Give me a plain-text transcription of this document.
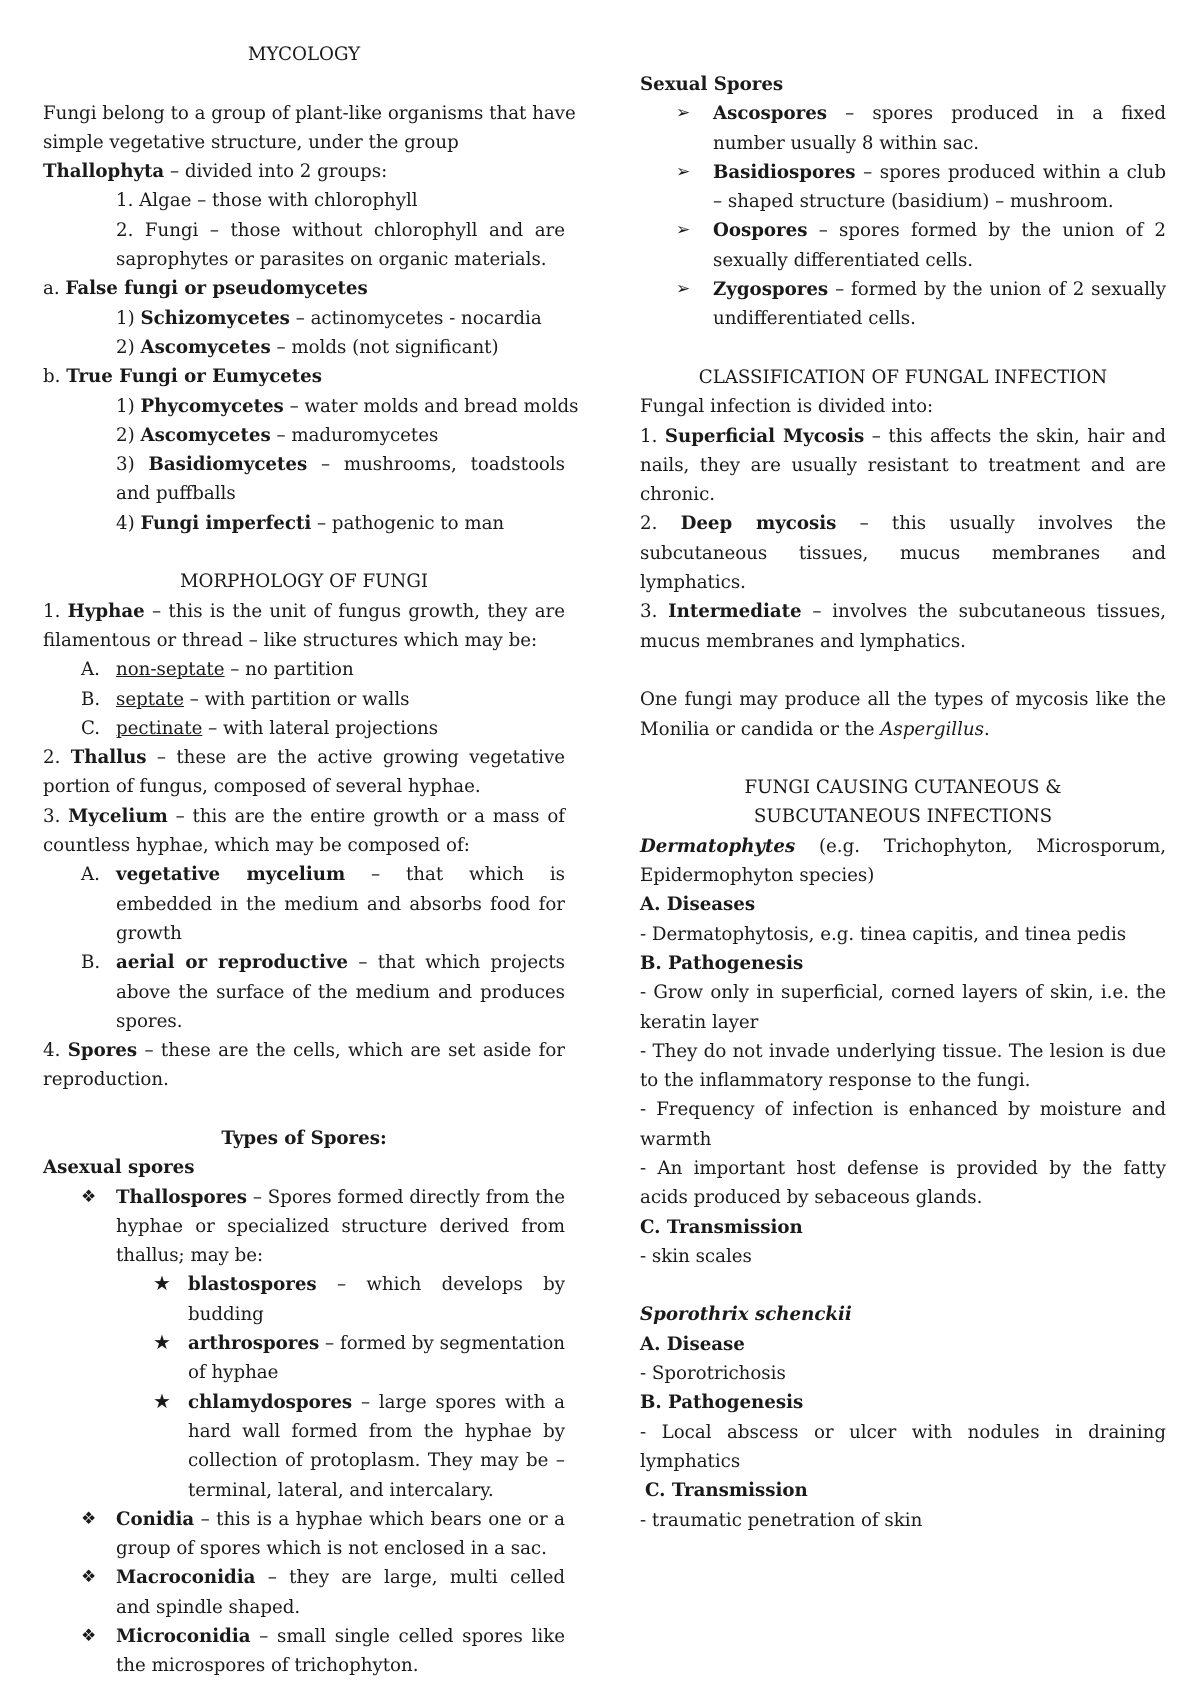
MYCOLOGY
Fungi belong to a group of plant-like organisms that have
simple vegetative structure, under the group
Thallophyta – divided into 2 groups:
1. Algae – those with chlorophyll
2. Fungi – those without chlorophyll and are saprophytes or parasites on organic materials.
a. False fungi or pseudomycetes
1) Schizomycetes – actinomycetes - nocardia
2) Ascomycetes – molds (not significant)
b. True Fungi or Eumycetes
1) Phycomycetes – water molds and bread molds
2) Ascomycetes – maduromycetes
3) Basidiomycetes – mushrooms, toadstools and puffballs
4) Fungi imperfecti – pathogenic to man
MORPHOLOGY OF FUNGI
1. Hyphae – this is the unit of fungus growth, they are filamentous or thread – like structures which may be:
A. non-septate – no partition
B. septate – with partition or walls
C. pectinate – with lateral projections
2. Thallus – these are the active growing vegetative portion of fungus, composed of several hyphae.
3. Mycelium – this are the entire growth or a mass of countless hyphae, which may be composed of:
A. vegetative mycelium – that which is embedded in the medium and absorbs food for growth
B. aerial or reproductive – that which projects above the surface of the medium and produces spores.
4. Spores – these are the cells, which are set aside for reproduction.
Types of Spores:
Asexual spores
❖ Thallospores – Spores formed directly from the hyphae or specialized structure derived from thallus; may be:
★ blastospores – which develops by budding
★ arthrospores – formed by segmentation of hyphae
★ chlamydospores – large spores with a hard wall formed from the hyphae by collection of protoplasm. They may be – terminal, lateral, and intercalary.
❖ Conidia – this is a hyphae which bears one or a group of spores which is not enclosed in a sac.
❖ Macroconidia – they are large, multi celled and spindle shaped.
❖ Microconidia – small single celled spores like the microspores of trichophyton.
Sexual Spores
➢ Ascospores – spores produced in a fixed number usually 8 within sac.
➢ Basidiospores – spores produced within a club – shaped structure (basidium) – mushroom.
➢ Oospores – spores formed by the union of 2 sexually differentiated cells.
➢ Zygospores – formed by the union of 2 sexually undifferentiated cells.
CLASSIFICATION OF FUNGAL INFECTION
Fungal infection is divided into:
1. Superficial Mycosis – this affects the skin, hair and nails, they are usually resistant to treatment and are chronic.
2. Deep mycosis – this usually involves the subcutaneous tissues, mucus membranes and lymphatics.
3. Intermediate – involves the subcutaneous tissues, mucus membranes and lymphatics.
One fungi may produce all the types of mycosis like the Monilia or candida or the Aspergillus.
FUNGI CAUSING CUTANEOUS &
SUBCUTANEOUS INFECTIONS
Dermatophytes (e.g. Trichophyton, Microsporum, Epidermophyton species)
A. Diseases
- Dermatophytosis, e.g. tinea capitis, and tinea pedis
B. Pathogenesis
- Grow only in superficial, corned layers of skin, i.e. the keratin layer
- They do not invade underlying tissue. The lesion is due to the inflammatory response to the fungi.
- Frequency of infection is enhanced by moisture and warmth
- An important host defense is provided by the fatty acids produced by sebaceous glands.
C. Transmission
- skin scales
Sporothrix schenckii
A. Disease
- Sporotrichosis
B. Pathogenesis
- Local abscess or ulcer with nodules in draining lymphatics
C. Transmission
- traumatic penetration of skin
